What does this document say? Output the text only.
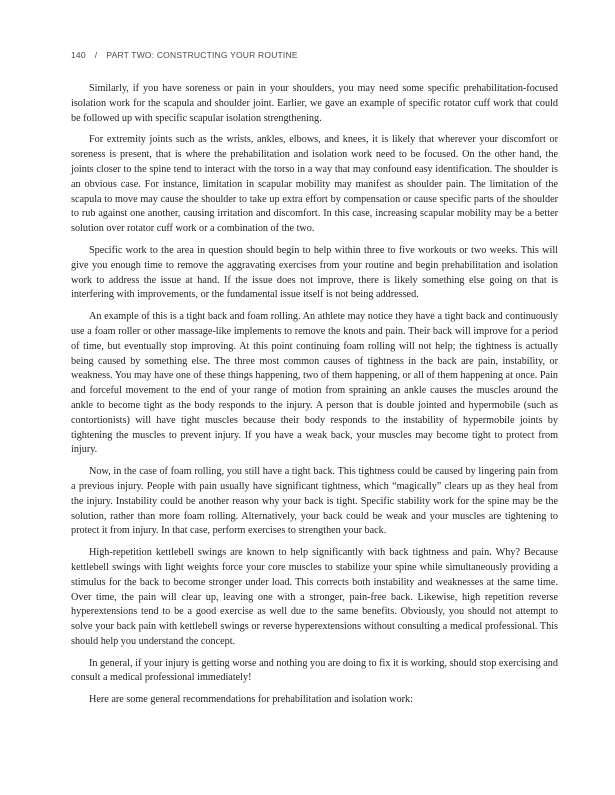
140 / PART TWO: CONSTRUCTING YOUR ROUTINE

Similarly, if you have soreness or pain in your shoulders, you may need some specific prehabilitation-focused isolation work for the scapula and shoulder joint. Earlier, we gave an example of specific rotator cuff work that could be followed up with specific scapular isolation strengthening.

For extremity joints such as the wrists, ankles, elbows, and knees, it is likely that wherever your discomfort or soreness is present, that is where the prehabilitation and isolation work need to be focused. On the other hand, the joints closer to the spine tend to interact with the torso in a way that may confound easy identification. The shoulder is an obvious case. For instance, limitation in scapular mobility may manifest as shoulder pain. The limitation of the scapula to move may cause the shoulder to take up extra effort by compensation or cause specific parts of the shoulder to rub against one another, causing irritation and discomfort. In this case, increasing scapular mobility may be a better solution over rotator cuff work or a combination of the two.

Specific work to the area in question should begin to help within three to five workouts or two weeks. This will give you enough time to remove the aggravating exercises from your routine and begin prehabilitation and isolation work to address the issue at hand. If the issue does not improve, there is likely something else going on that is interfering with improvements, or the fundamental issue itself is not being addressed.

An example of this is a tight back and foam rolling. An athlete may notice they have a tight back and continuously use a foam roller or other massage-like implements to remove the knots and pain. Their back will improve for a period of time, but eventually stop improving. At this point continuing foam rolling will not help; the tightness is actually being caused by something else. The three most common causes of tightness in the back are pain, instability, or weakness. You may have one of these things happening, two of them happening, or all of them happening at once. Pain and forceful movement to the end of your range of motion from spraining an ankle causes the muscles around the ankle to become tight as the body responds to the injury. A person that is double jointed and hypermobile (such as contortionists) will have tight muscles because their body responds to the instability of hypermobile joints by tightening the muscles to prevent injury. If you have a weak back, your muscles may become tight to protect from injury.

Now, in the case of foam rolling, you still have a tight back. This tightness could be caused by lingering pain from a previous injury. People with pain usually have significant tightness, which “magically” clears up as they heal from the injury. Instability could be another reason why your back is tight. Specific stability work for the spine may be the solution, rather than more foam rolling. Alternatively, your back could be weak and your muscles are tightening to protect it from injury. In that case, perform exercises to strengthen your back.

High-repetition kettlebell swings are known to help significantly with back tightness and pain. Why? Because kettlebell swings with light weights force your core muscles to stabilize your spine while simultaneously providing a stimulus for the back to become stronger under load. This corrects both instability and weaknesses at the same time. Over time, the pain will clear up, leaving one with a stronger, pain-free back. Likewise, high repetition reverse hyperextensions tend to be a good exercise as well due to the same benefits. Obviously, you should not attempt to solve your back pain with kettlebell swings or reverse hyperextensions without consulting a medical professional. This should help you understand the concept.

In general, if your injury is getting worse and nothing you are doing to fix it is working, should stop exercising and consult a medical professional immediately!

Here are some general recommendations for prehabilitation and isolation work:
